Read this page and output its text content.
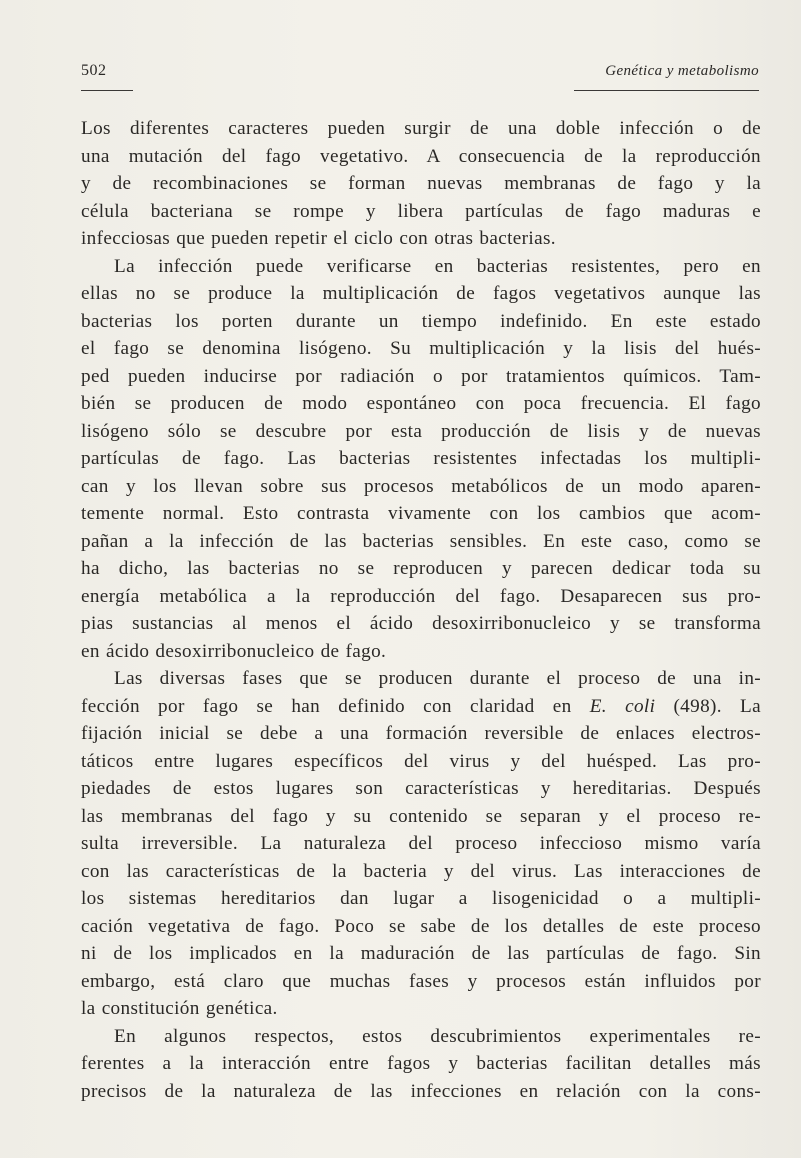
502	Genética y metabolismo
Los diferentes caracteres pueden surgir de una doble infección o de
una mutación del fago vegetativo. A consecuencia de la reproducción
y de recombinaciones se forman nuevas membranas de fago y la
célula bacteriana se rompe y libera partículas de fago maduras e
infecciosas que pueden repetir el ciclo con otras bacterias.
La infección puede verificarse en bacterias resistentes, pero en
ellas no se produce la multiplicación de fagos vegetativos aunque las
bacterias los porten durante un tiempo indefinido. En este estado
el fago se denomina lisógeno. Su multiplicación y la lisis del hués-
ped pueden inducirse por radiación o por tratamientos químicos. Tam-
bién se producen de modo espontáneo con poca frecuencia. El fago
lisógeno sólo se descubre por esta producción de lisis y de nuevas
partículas de fago. Las bacterias resistentes infectadas los multipli-
can y los llevan sobre sus procesos metabólicos de un modo aparen-
temente normal. Esto contrasta vivamente con los cambios que acom-
pañan a la infección de las bacterias sensibles. En este caso, como se
ha dicho, las bacterias no se reproducen y parecen dedicar toda su
energía metabólica a la reproducción del fago. Desaparecen sus pro-
pias sustancias al menos el ácido desoxirribonucleico y se transforma
en ácido desoxirribonucleico de fago.
Las diversas fases que se producen durante el proceso de una in-
fección por fago se han definido con claridad en E. coli (498). La
fijación inicial se debe a una formación reversible de enlaces electros-
táticos entre lugares específicos del virus y del huésped. Las pro-
piedades de estos lugares son características y hereditarias. Después
las membranas del fago y su contenido se separan y el proceso re-
sulta irreversible. La naturaleza del proceso infeccioso mismo varía
con las características de la bacteria y del virus. Las interacciones de
los sistemas hereditarios dan lugar a lisogenicidad o a multipli-
cación vegetativa de fago. Poco se sabe de los detalles de este proceso
ni de los implicados en la maduración de las partículas de fago. Sin
embargo, está claro que muchas fases y procesos están influidos por
la constitución genética.
En algunos respectos, estos descubrimientos experimentales re-
ferentes a la interacción entre fagos y bacterias facilitan detalles más
precisos de la naturaleza de las infecciones en relación con la cons-
